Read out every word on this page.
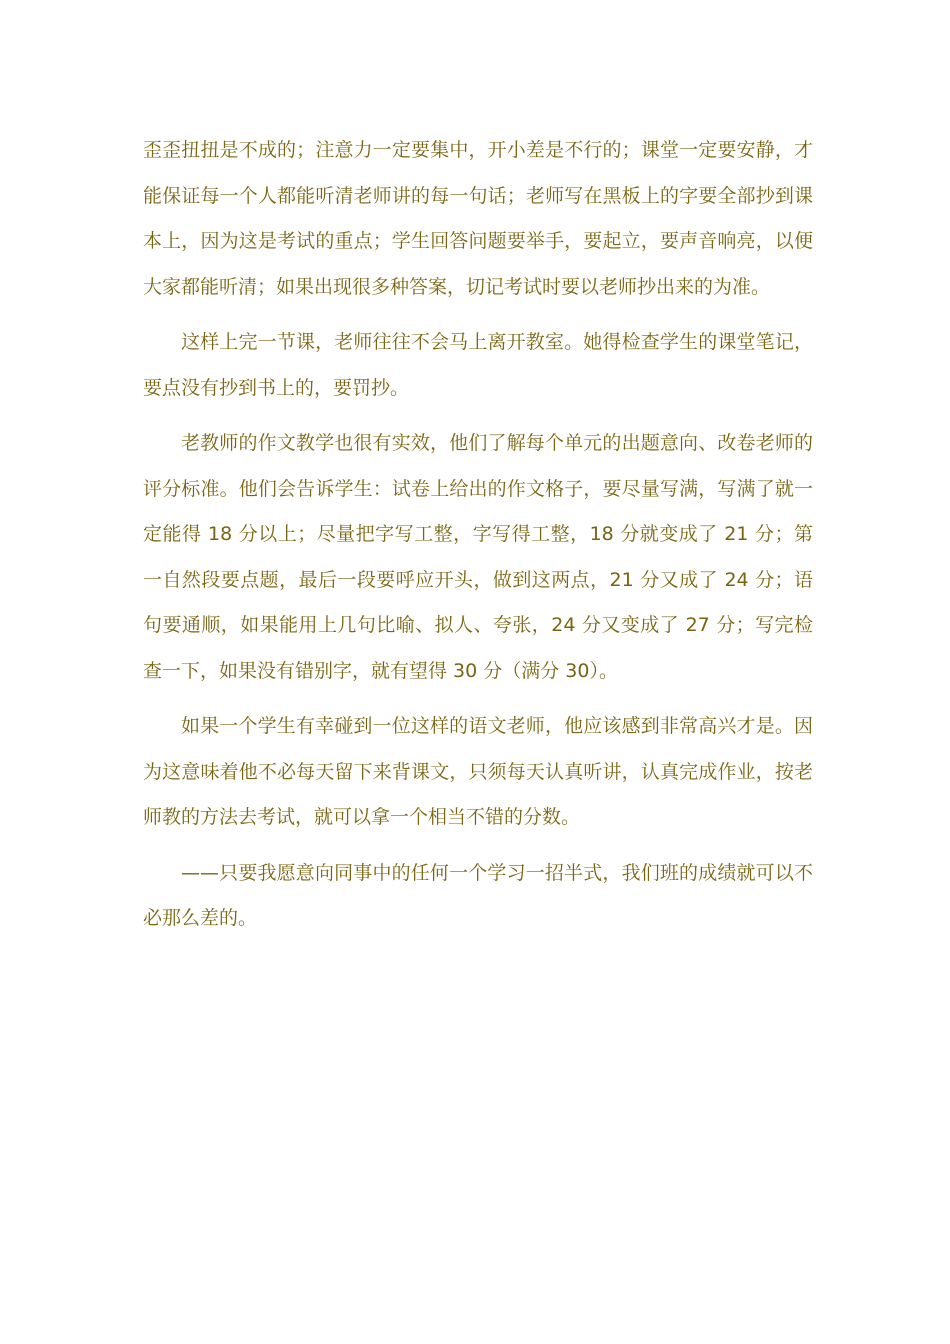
歪歪扭扭是不成的；注意力一定要集中，开小差是不行的；课堂一定要安静，才能保证每一个人都能听清老师讲的每一句话；老师写在黑板上的字要全部抄到课本上，因为这是考试的重点；学生回答问题要举手，要起立，要声音响亮，以便大家都能听清；如果出现很多种答案，切记考试时要以老师抄出来的为准。

这样上完一节课，老师往往不会马上离开教室。她得检查学生的课堂笔记，要点没有抄到书上的，要罚抄。

老教师的作文教学也很有实效，他们了解每个单元的出题意向、改卷老师的评分标准。他们会告诉学生：试卷上给出的作文格子，要尽量写满，写满了就一定能得 18 分以上；尽量把字写工整，字写得工整，18 分就变成了 21 分；第一自然段要点题，最后一段要呼应开头，做到这两点，21 分又成了 24 分；语句要通顺，如果能用上几句比喻、拟人、夸张，24 分又变成了 27 分；写完检查一下，如果没有错别字，就有望得 30 分（满分 30）。

如果一个学生有幸碰到一位这样的语文老师，他应该感到非常高兴才是。因为这意味着他不必每天留下来背课文，只须每天认真听讲，认真完成作业，按老师教的方法去考试，就可以拿一个相当不错的分数。

——只要我愿意向同事中的任何一个学习一招半式，我们班的成绩就可以不必那么差的。
